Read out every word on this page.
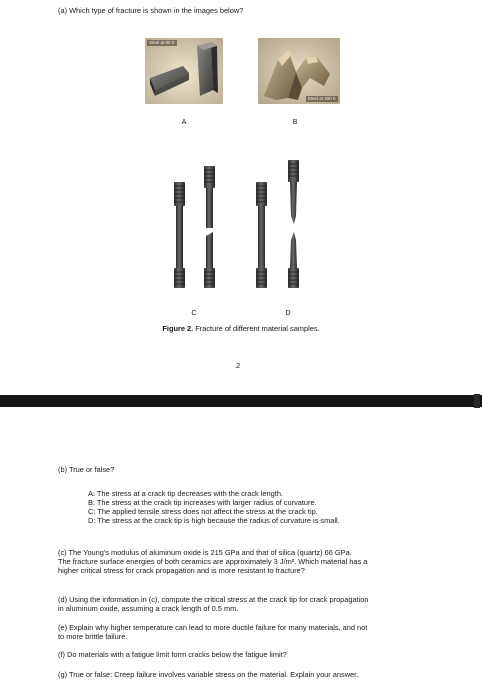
(a) Which type of fracture is shown in the images below?
Steel at 80 K
A
Steel at 300 K
B
C	D
Figure 2. Fracture of different material samples.
2
(b) True or false?
A: The stress at a crack tip decreases with the crack length.
B: The stress at the crack tip increases with larger radius of curvature.
C: The applied tensile stress does not affect the stress at the crack tip.
D: The stress at the crack tip is high because the radius of curvature is small.
(c) The Young's modulus of aluminum oxide is 215 GPa and that of silica (quartz) 66 GPa.
The fracture surface energies of both ceramics are approximately 3 J/m². Which material has a
higher critical stress for crack propagation and is more resistant to fracture?
(d) Using the information in (c), compute the critical stress at the crack tip for crack propagation
in aluminum oxide, assuming a crack length of 0.5 mm.
(e) Explain why higher temperature can lead to more ductile failure for many materials, and not
to more brittle failure.
(f) Do materials with a fatigue limit form cracks below the fatigue limit?
(g) True or false: Creep failure involves variable stress on the material. Explain your answer.
